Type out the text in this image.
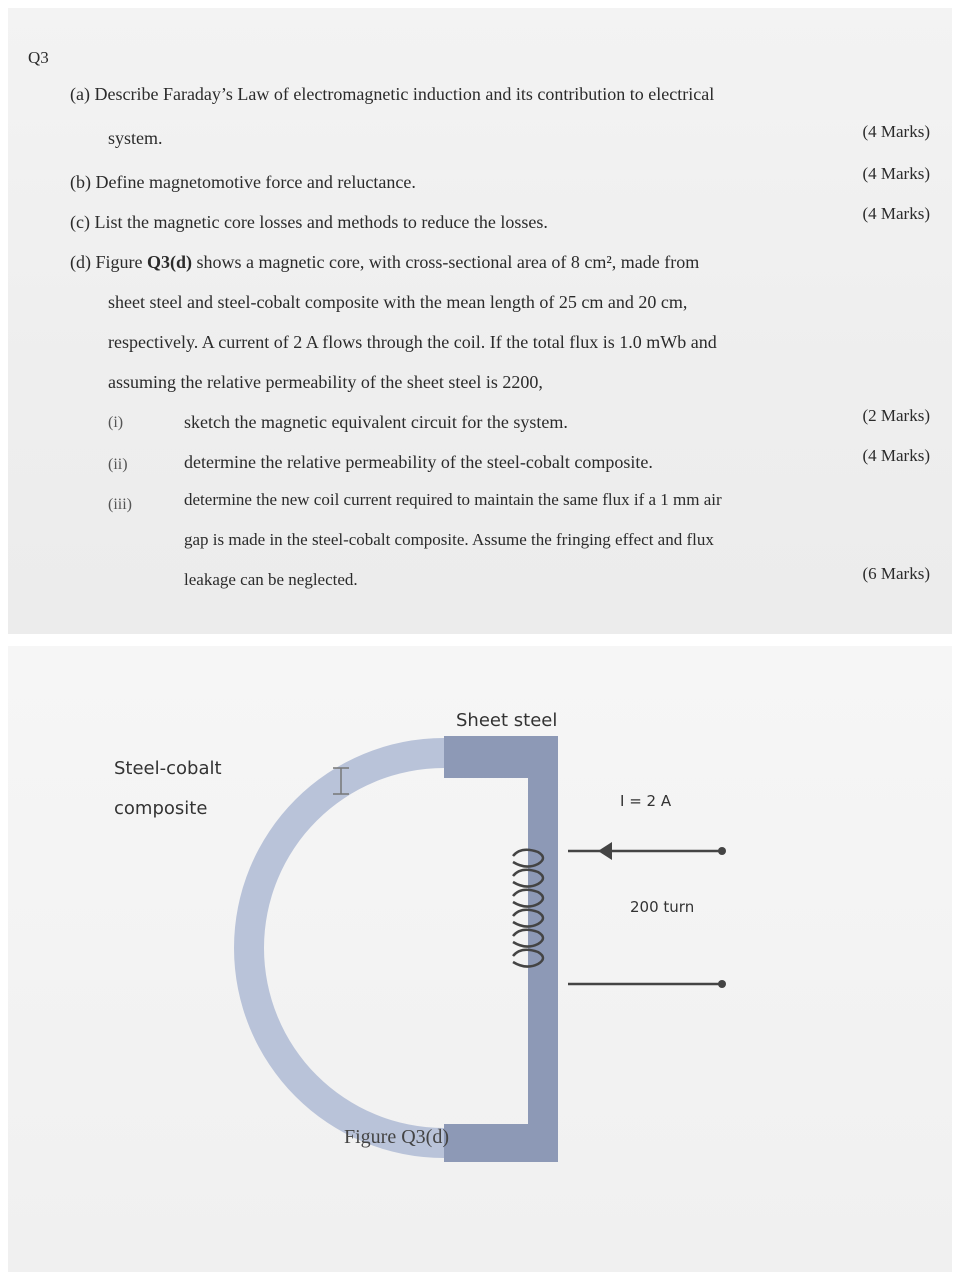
Q3
(a) Describe Faraday’s Law of electromagnetic induction and its contribution to electrical
system.	(4 Marks)
(b) Define magnetomotive force and reluctance.	(4 Marks)
(c) List the magnetic core losses and methods to reduce the losses.	(4 Marks)
(d) Figure Q3(d) shows a magnetic core, with cross-sectional area of 8 cm², made from
sheet steel and steel-cobalt composite with the mean length of 25 cm and 20 cm,
respectively. A current of 2 A flows through the coil. If the total flux is 1.0 mWb and
assuming the relative permeability of the sheet steel is 2200,
(i)	sketch the magnetic equivalent circuit for the system.	(2 Marks)
(ii)	determine the relative permeability of the steel-cobalt composite.	(4 Marks)
(iii)	determine the new coil current required to maintain the same flux if a 1 mm air
gap is made in the steel-cobalt composite. Assume the fringing effect and flux
leakage can be neglected.	(6 Marks)
Sheet steel
Steel-cobalt
composite	I = 2 A
200 turn
Figure Q3(d)
